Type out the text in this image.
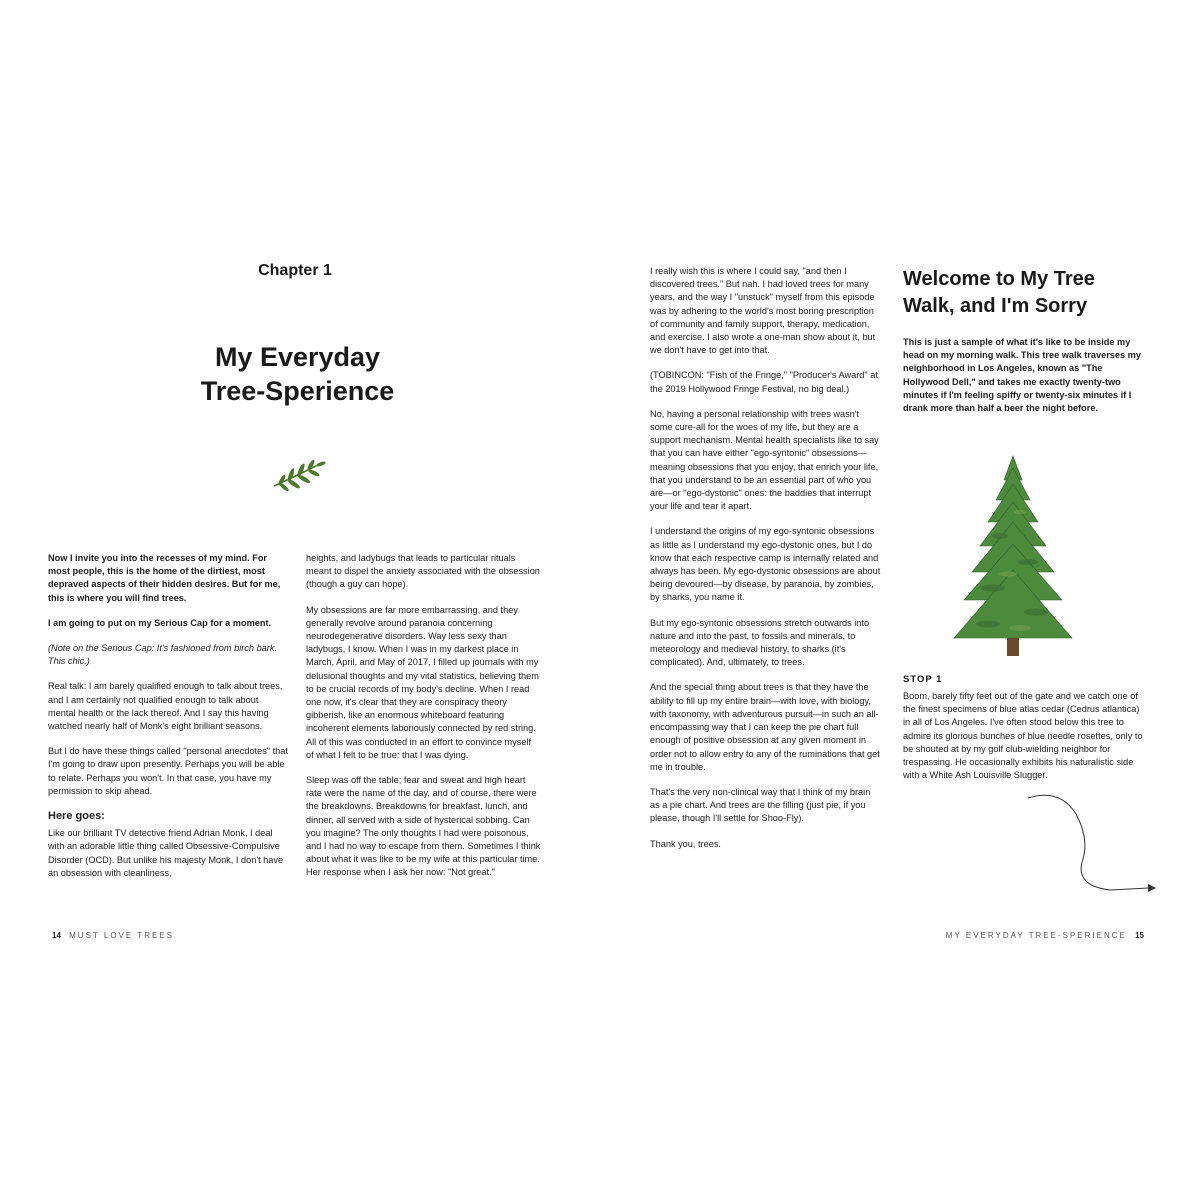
Chapter 1
My Everyday
Tree-Sperience

Now I invite you into the recesses of my mind. For most people, this is the home of the dirtiest, most depraved aspects of their hidden desires. But for me, this is where you will find trees.

I am going to put on my Serious Cap for a moment.

(Note on the Serious Cap: It's fashioned from birch bark. This chic.)

Real talk: I am barely qualified enough to talk about trees, and I am certainly not qualified enough to talk about mental health or the lack thereof. And I say this having watched nearly half of Monk's eight brilliant seasons.

But I do have these things called "personal anecdotes" that I'm going to draw upon presently. Perhaps you will be able to relate. Perhaps you won't. In that case, you have my permission to skip ahead.

Here goes:

Like our brilliant TV detective friend Adrian Monk, I deal with an adorable little thing called Obsessive-Compulsive Disorder (OCD). But unlike his majesty Monk, I don't have an obsession with cleanliness,

heights, and ladybugs that leads to particular rituals meant to dispel the anxiety associated with the obsession (though a guy can hope).

My obsessions are far more embarrassing, and they generally revolve around paranoia concerning neurodegenerative disorders. Way less sexy than ladybugs, I know. When I was in my darkest place in March, April, and May of 2017, I filled up journals with my delusional thoughts and my vital statistics, believing them to be crucial records of my body's decline. When I read one now, it's clear that they are conspiracy theory gibberish, like an enormous whiteboard featuring incoherent elements laboriously connected by red string. All of this was conducted in an effort to convince myself of what I felt to be true: that I was dying.

Sleep was off the table; fear and sweat and high heart rate were the name of the day, and of course, there were the breakdowns. Breakdowns for breakfast, lunch, and dinner, all served with a side of hysterical sobbing. Can you imagine? The only thoughts I had were poisonous, and I had no way to escape from them. Sometimes I think about what it was like to be my wife at this particular time. Her response when I ask her now: "Not great."

14 MUST LOVE TREES

I really wish this is where I could say, "and then I discovered trees." But nah. I had loved trees for many years, and the way I "unstuck" myself from this episode was by adhering to the world's most boring prescription of community and family support, therapy, medication, and exercise. I also wrote a one-man show about it, but we don't have to get into that.

(TOBINCON: "Fish of the Fringe," "Producer's Award" at the 2019 Hollywood Fringe Festival, no big deal.)

No, having a personal relationship with trees wasn't some cure-all for the woes of my life, but they are a support mechanism. Mental health specialists like to say that you can have either "ego-syntonic" obsessions—meaning obsessions that you enjoy, that enrich your life, that you understand to be an essential part of who you are—or "ego-dystonic" ones: the baddies that interrupt your life and tear it apart.

I understand the origins of my ego-syntonic obsessions as little as I understand my ego-dystonic ones, but I do know that each respective camp is internally related and always has been. My ego-dystonic obsessions are about being devoured—by disease, by paranoia, by zombies, by sharks, you name it.

But my ego-syntonic obsessions stretch outwards into nature and into the past, to fossils and minerals, to meteorology and medieval history, to sharks (it's complicated). And, ultimately, to trees.

And the special thing about trees is that they have the ability to fill up my entire brain—with love, with biology, with taxonomy, with adventurous pursuit—in such an all-encompassing way that I can keep the pie chart full enough of positive obsession at any given moment in order not to allow entry to any of the ruminations that get me in trouble.

That's the very non-clinical way that I think of my brain as a pie chart. And trees are the filling (just pie, if you please, though I'll settle for Shoo-Fly).

Thank you, trees.

Welcome to My Tree
Walk, and I'm Sorry

This is just a sample of what it's like to be inside my head on my morning walk. This tree walk traverses my neighborhood in Los Angeles, known as "The Hollywood Dell," and takes me exactly twenty-two minutes if I'm feeling spiffy or twenty-six minutes if I drank more than half a beer the night before.

STOP 1

Boom, barely fifty feet out of the gate and we catch one of the finest specimens of blue atlas cedar (Cedrus atlantica) in all of Los Angeles. I've often stood below this tree to admire its glorious bunches of blue needle rosettes, only to be shouted at by my golf club-wielding neighbor for trespassing. He occasionally exhibits his naturalistic side with a White Ash Louisville Slugger.

MY EVERYDAY TREE-SPERIENCE 15
